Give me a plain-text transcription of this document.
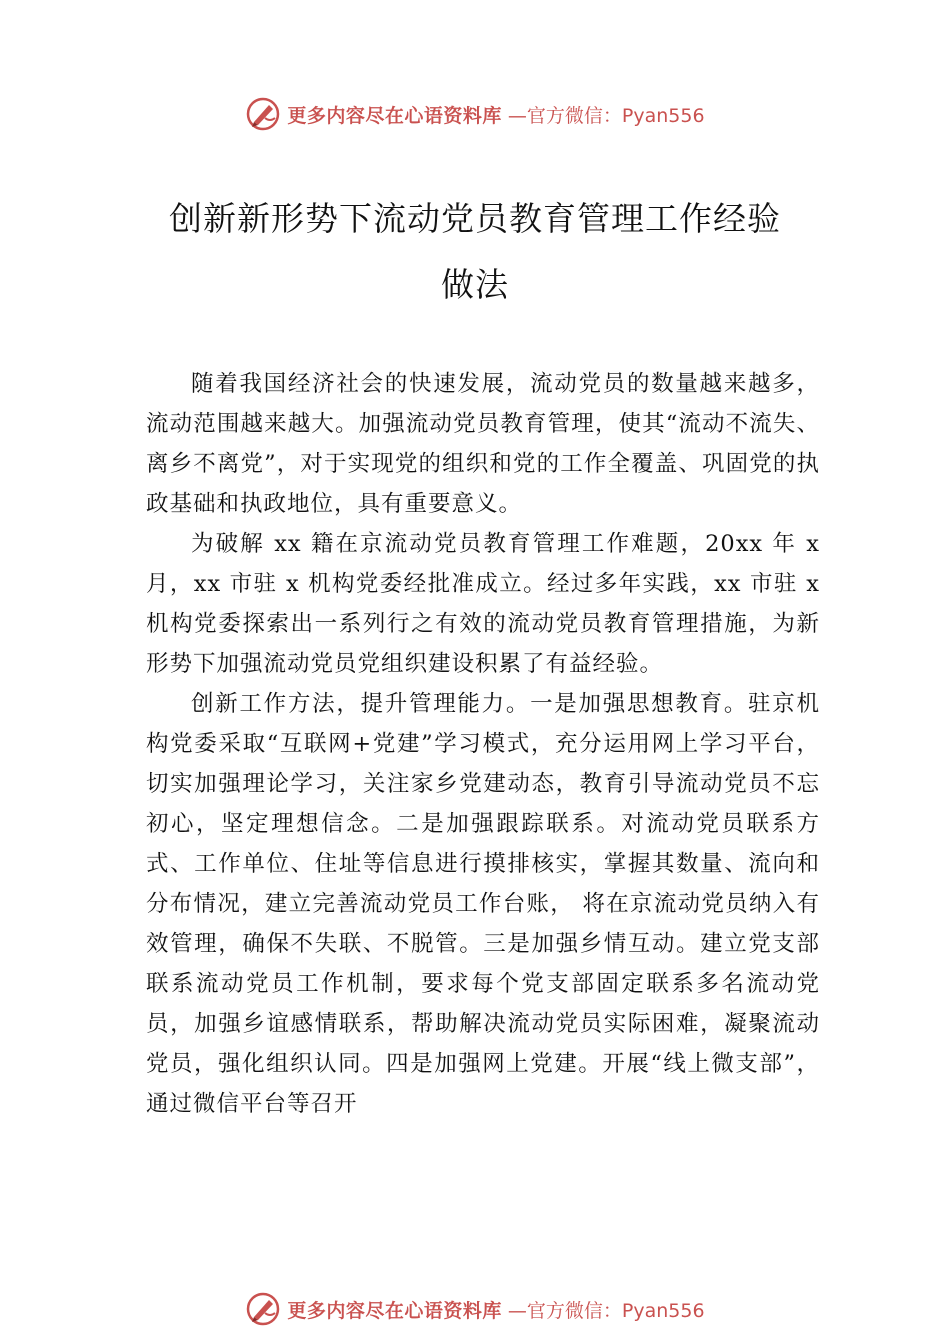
更多内容尽在心语资料库 —官方微信：Pyan556
创新新形势下流动党员教育管理工作经验
做法

随着我国经济社会的快速发展，流动党员的数量越来越多，流动范围越来越大。加强流动党员教育管理，使其“流动不流失、离乡不离党”，对于实现党的组织和党的工作全覆盖、巩固党的执政基础和执政地位，具有重要意义。

为破解 xx 籍在京流动党员教育管理工作难题，20xx 年 x 月，xx 市驻 x 机构党委经批准成立。经过多年实践，xx 市驻 x 机构党委探索出一系列行之有效的流动党员教育管理措施，为新形势下加强流动党员党组织建设积累了有益经验。

创新工作方法，提升管理能力。一是加强思想教育。驻京机构党委采取“互联网+党建”学习模式，充分运用网上学习平台，切实加强理论学习，关注家乡党建动态，教育引导流动党员不忘初心，坚定理想信念。二是加强跟踪联系。对流动党员联系方式、工作单位、住址等信息进行摸排核实，掌握其数量、流向和分布情况，建立完善流动党员工作台账， 将在京流动党员纳入有效管理，确保不失联、不脱管。三是加强乡情互动。建立党支部联系流动党员工作机制，要求每个党支部固定联系多名流动党员，加强乡谊感情联系，帮助解决流动党员实际困难，凝聚流动党员，强化组织认同。四是加强网上党建。开展“线上微支部”，通过微信平台等召开

更多内容尽在心语资料库 —官方微信：Pyan556
